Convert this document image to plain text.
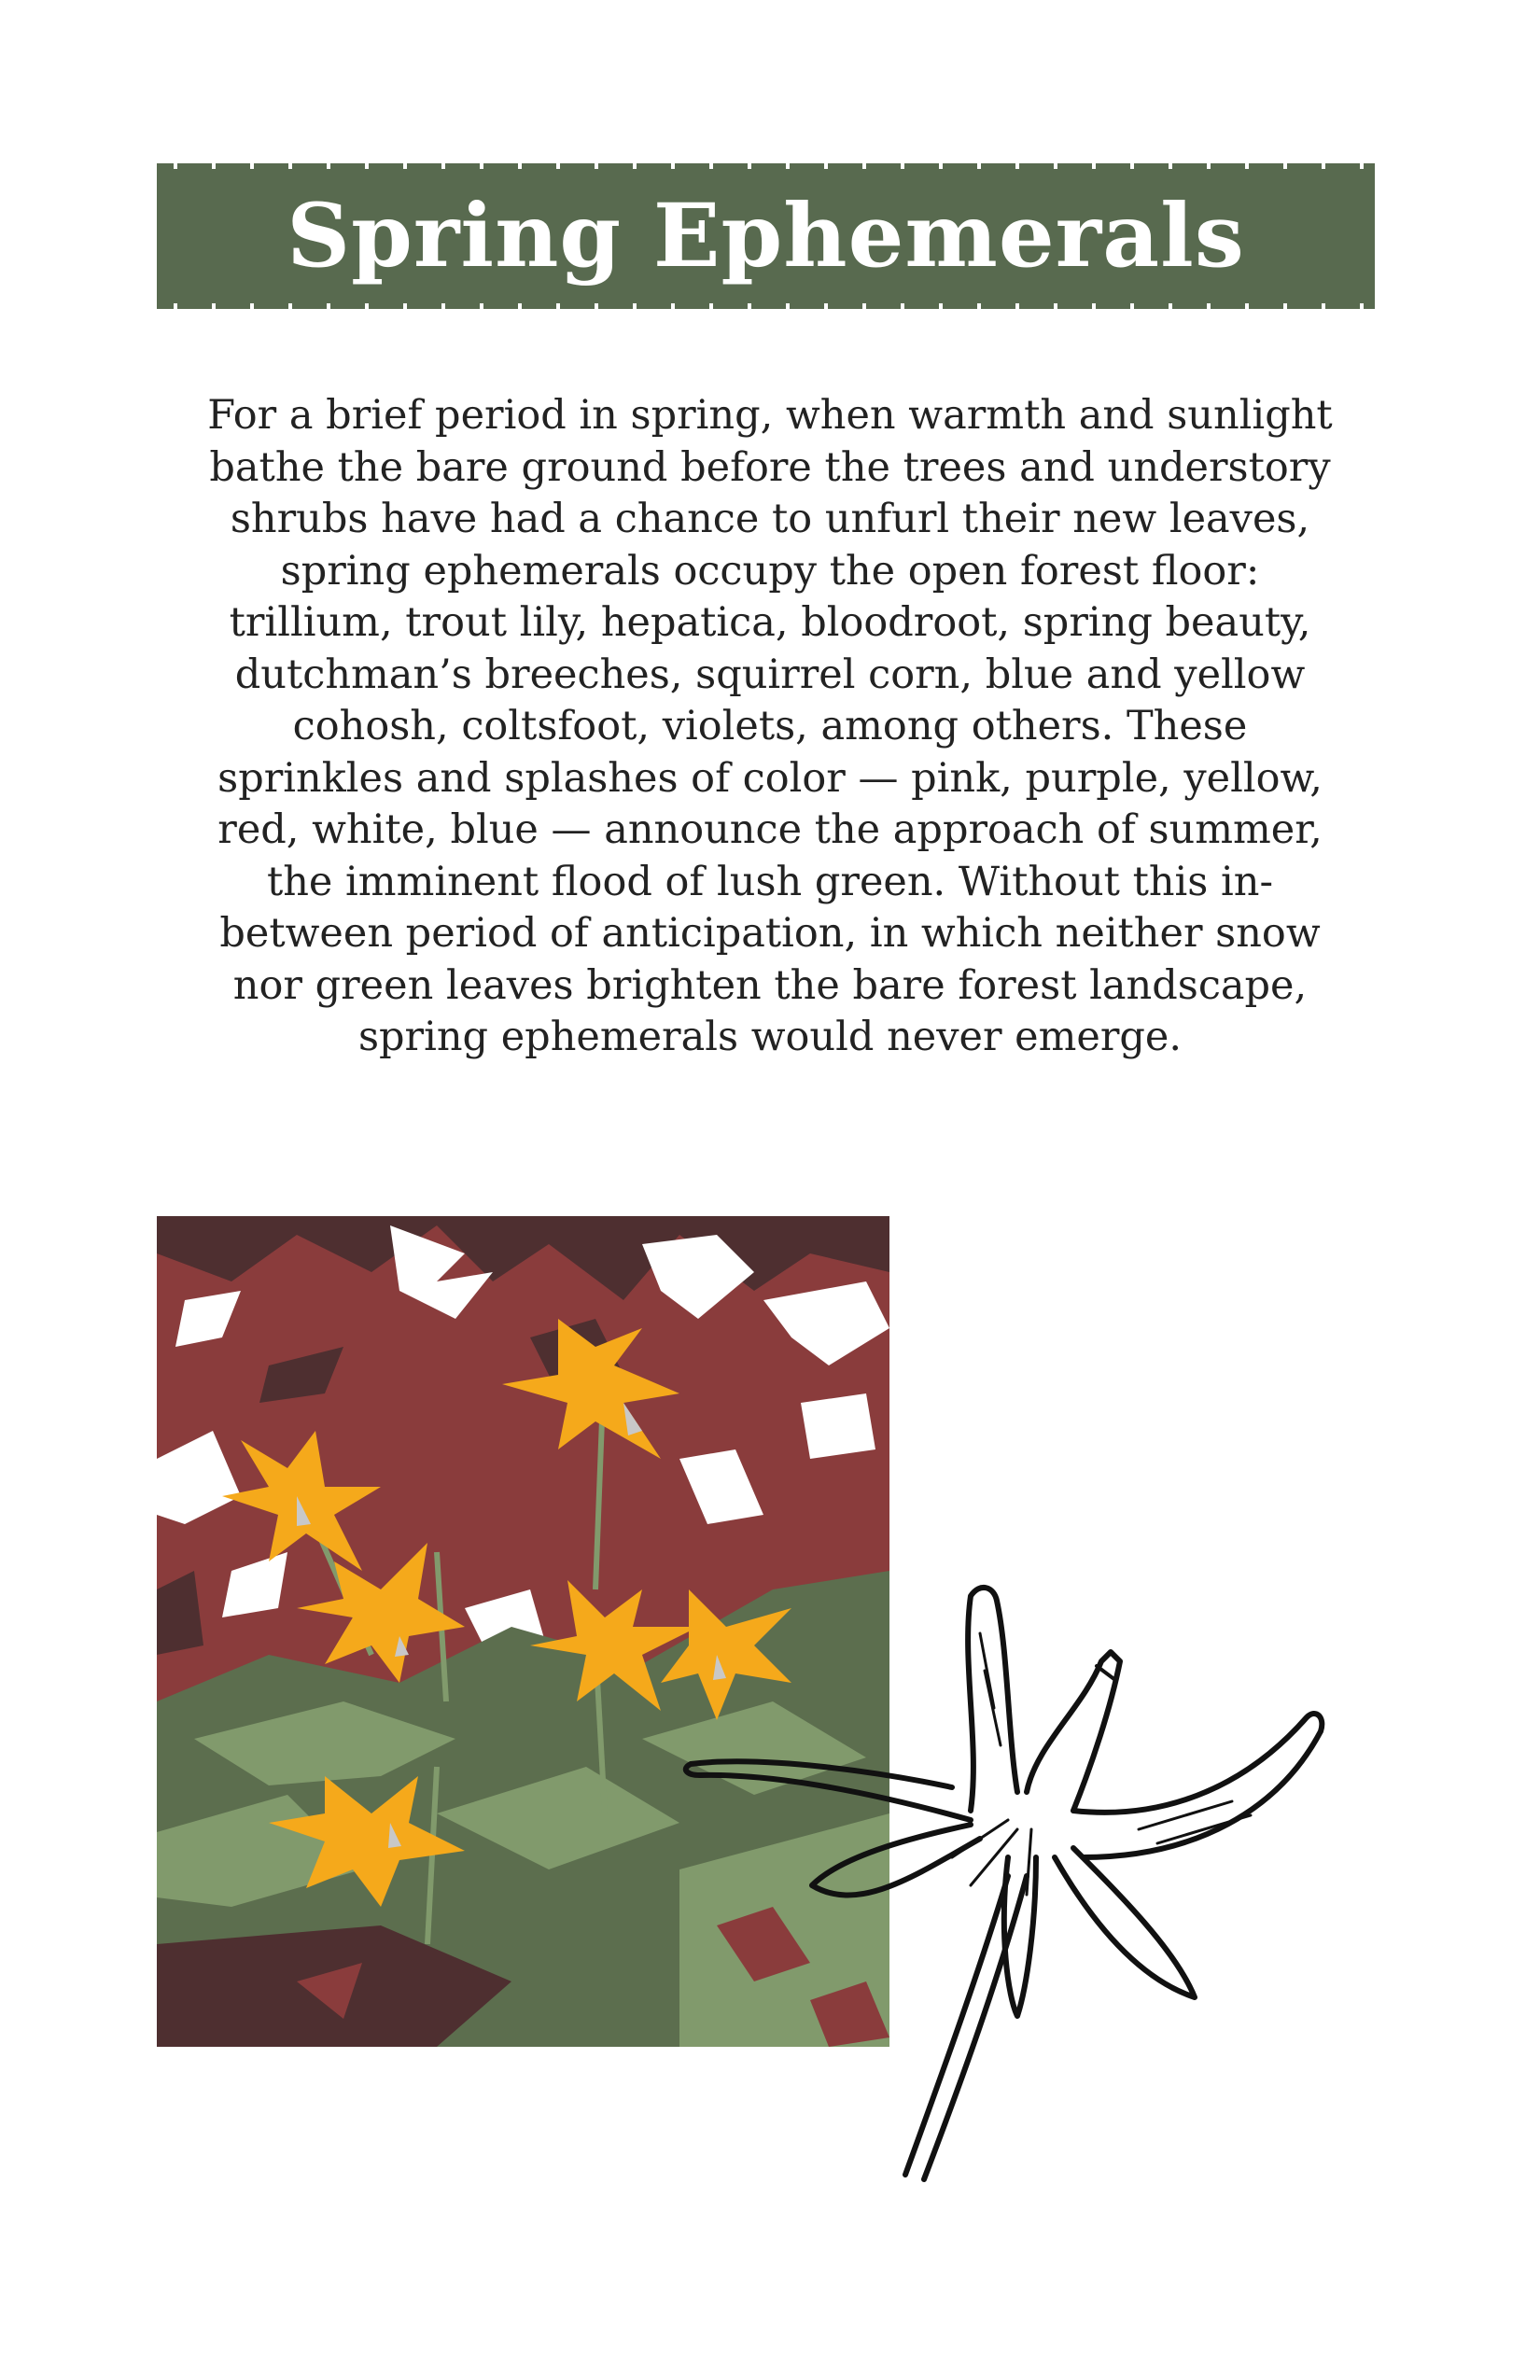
Spring Ephemerals

For a brief period in spring, when warmth and sunlight bathe the bare ground before the trees and understory shrubs have had a chance to unfurl their new leaves, spring ephemerals occupy the open forest floor: trillium, trout lily, hepatica, bloodroot, spring beauty, dutchman’s breeches, squirrel corn, blue and yellow cohosh, coltsfoot, violets, among others. These sprinkles and splashes of color — pink, purple, yellow, red, white, blue — announce the approach of summer, the imminent flood of lush green. Without this in-between period of anticipation, in which neither snow nor green leaves brighten the bare forest landscape, spring ephemerals would never emerge.
